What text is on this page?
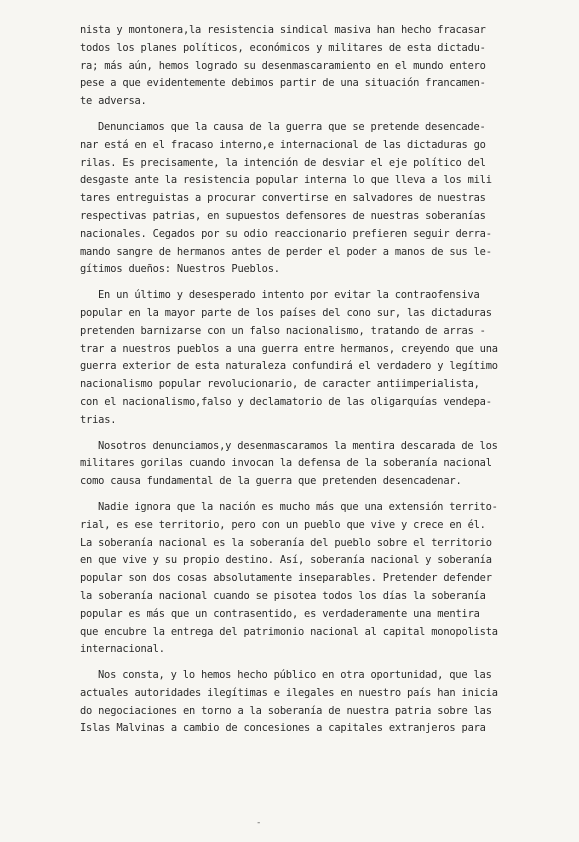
nista y montonera,la resistencia sindical masiva han hecho fracasar
todos los planes políticos, económicos y militares de esta dictadu-
ra; más aún, hemos logrado su desenmascaramiento en el mundo entero
pese a que evidentemente debimos partir de una situación francamen-
te adversa.
Denunciamos que la causa de la guerra que se pretende desencade-
nar está en el fracaso interno,e internacional de las dictaduras go
rilas. Es precisamente, la intención de desviar el eje político del
desgaste ante la resistencia popular interna lo que lleva a los mili
tares entreguistas a procurar convertirse en salvadores de nuestras
respectivas patrias, en supuestos defensores de nuestras soberanías
nacionales. Cegados por su odio reaccionario prefieren seguir derra-
mando sangre de hermanos antes de perder el poder a manos de sus le-
gítimos dueños: Nuestros Pueblos.
En un último y desesperado intento por evitar la contraofensiva
popular en la mayor parte de los países del cono sur, las dictaduras
pretenden barnizarse con un falso nacionalismo, tratando de arras -
trar a nuestros pueblos a una guerra entre hermanos, creyendo que una
guerra exterior de esta naturaleza confundirá el verdadero y legítimo
nacionalismo popular revolucionario, de caracter antiimperialista,
con el nacionalismo,falso y declamatorio de las oligarquías vendepa-
trias.
Nosotros denunciamos,y desenmascaramos la mentira descarada de los
militares gorilas cuando invocan la defensa de la soberanía nacional
como causa fundamental de la guerra que pretenden desencadenar.
Nadie ignora que la nación es mucho más que una extensión territo-
rial, es ese territorio, pero con un pueblo que vive y crece en él.
La soberanía nacional es la soberanía del pueblo sobre el territorio
en que vive y su propio destino. Así, soberanía nacional y soberanía
popular son dos cosas absolutamente inseparables. Pretender defender
la soberanía nacional cuando se pisotea todos los días la soberanía
popular es más que un contrasentido, es verdaderamente una mentira
que encubre la entrega del patrimonio nacional al capital monopolista
internacional.
Nos consta, y lo hemos hecho público en otra oportunidad, que las
actuales autoridades ilegítimas e ilegales en nuestro país han inicia
do negociaciones en torno a la soberanía de nuestra patria sobre las
Islas Malvinas a cambio de concesiones a capitales extranjeros para
-
